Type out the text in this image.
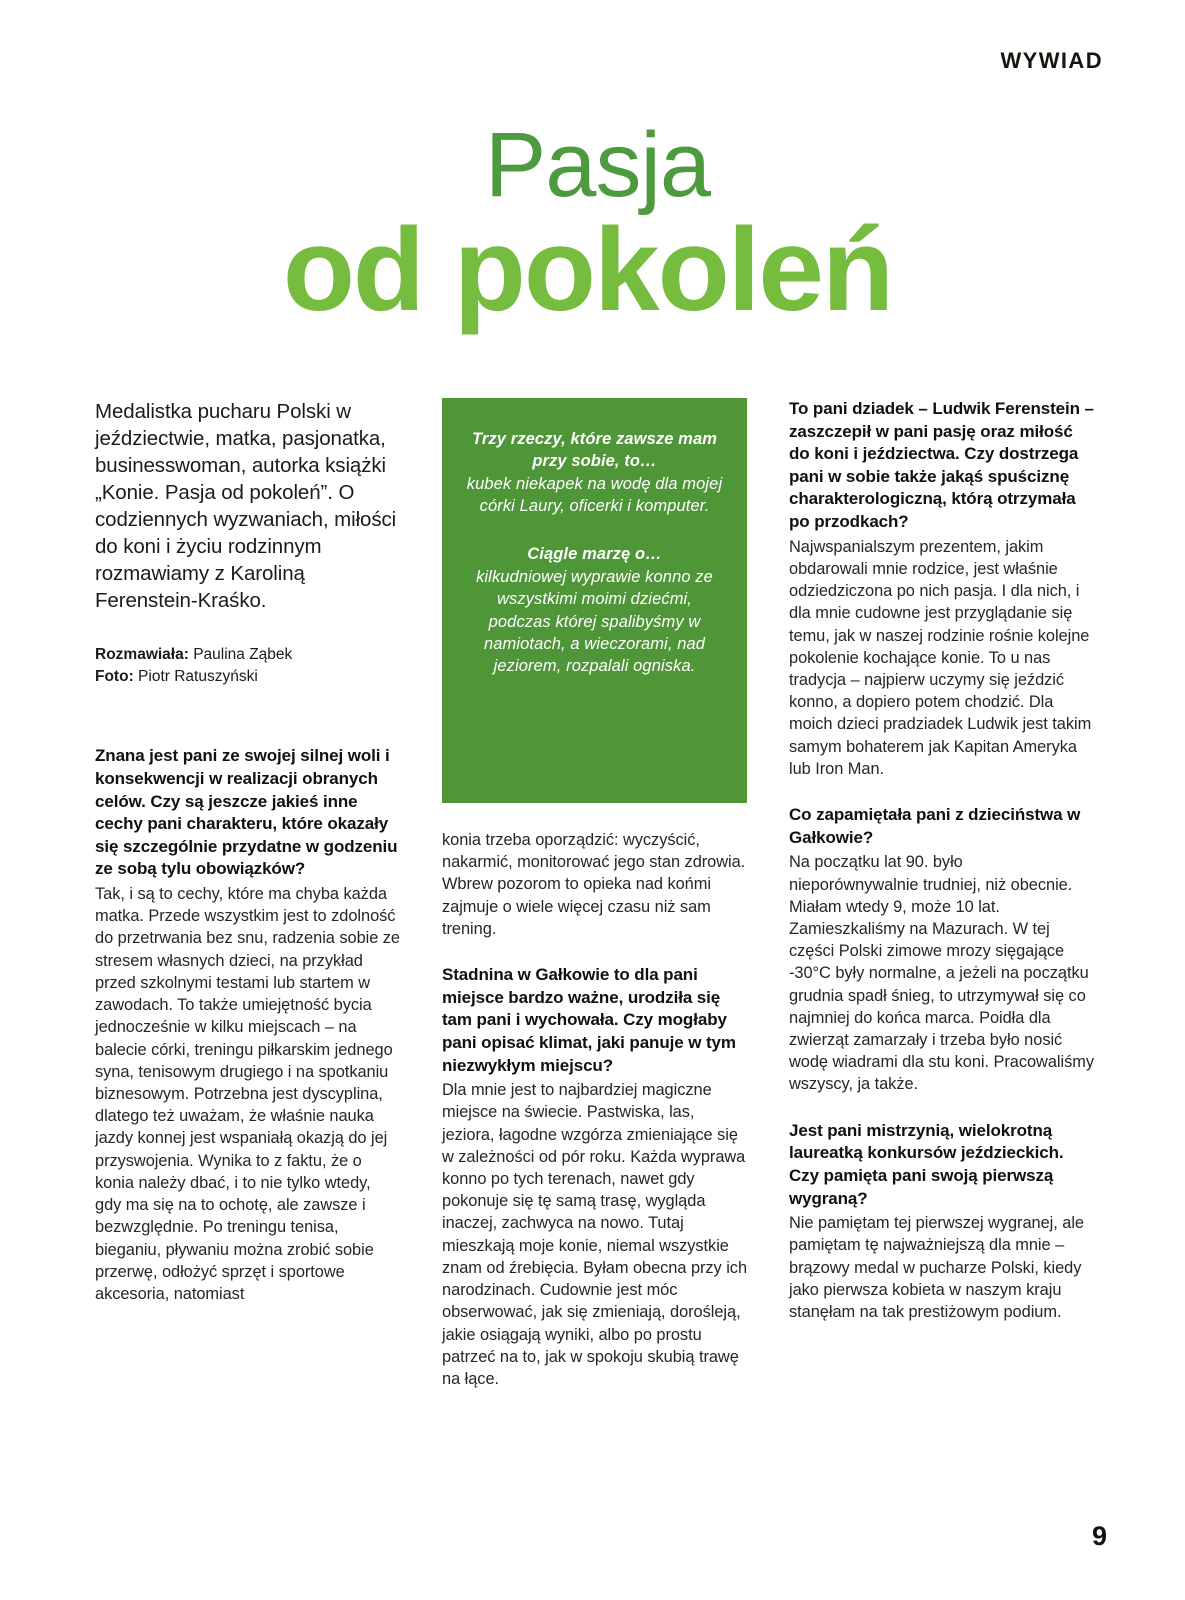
WYWIAD
Pasja
od pokoleń

Medalistka pucharu Polski w jeździectwie, matka, pasjonatka, businesswoman, autorka książki „Konie. Pasja od pokoleń”. O codziennych wyzwaniach, miłości do koni i życiu rodzinnym rozmawiamy z Karoliną Ferenstein-Kraśko.

Rozmawiała: Paulina Ząbek
Foto: Piotr Ratuszyński

Znana jest pani ze swojej silnej woli i konsekwencji w realizacji obranych celów. Czy są jeszcze jakieś inne cechy pani charakteru, które okazały się szczególnie przydatne w godzeniu ze sobą tylu obowiązków?

Tak, i są to cechy, które ma chyba każda matka. Przede wszystkim jest to zdolność do przetrwania bez snu, radzenia sobie ze stresem własnych dzieci, na przykład przed szkolnymi testami lub startem w zawodach. To także umiejętność bycia jednocześnie w kilku miejscach – na balecie córki, treningu piłkarskim jednego syna, tenisowym drugiego i na spotkaniu biznesowym. Potrzebna jest dyscyplina, dlatego też uważam, że właśnie nauka jazdy konnej jest wspaniałą okazją do jej przyswojenia. Wynika to z faktu, że o konia należy dbać, i to nie tylko wtedy, gdy ma się na to ochotę, ale zawsze i bezwzględnie. Po treningu tenisa, bieganiu, pływaniu można zrobić sobie przerwę, odłożyć sprzęt i sportowe akcesoria, natomiast

Trzy rzeczy, które zawsze mam przy sobie, to…

kubek niekapek na wodę dla mojej córki Laury, oficerki i komputer.

Ciągle marzę o…

kilkudniowej wyprawie konno ze wszystkimi moimi dziećmi, podczas której spalibyśmy w namiotach, a wieczorami, nad jeziorem, rozpalali ogniska.

konia trzeba oporządzić: wyczyścić, nakarmić, monitorować jego stan zdrowia. Wbrew pozorom to opieka nad końmi zajmuje o wiele więcej czasu niż sam trening.

Stadnina w Gałkowie to dla pani miejsce bardzo ważne, urodziła się tam pani i wychowała. Czy mogłaby pani opisać klimat, jaki panuje w tym niezwykłym miejscu?

Dla mnie jest to najbardziej magiczne miejsce na świecie. Pastwiska, las, jeziora, łagodne wzgórza zmieniające się w zależności od pór roku. Każda wyprawa konno po tych terenach, nawet gdy pokonuje się tę samą trasę, wygląda inaczej, zachwyca na nowo. Tutaj mieszkają moje konie, niemal wszystkie znam od źrebięcia. Byłam obecna przy ich narodzinach. Cudownie jest móc obserwować, jak się zmieniają, dorośleją, jakie osiągają wyniki, albo po prostu patrzeć na to, jak w spokoju skubią trawę na łące.

To pani dziadek – Ludwik Ferenstein – zaszczepił w pani pasję oraz miłość do koni i jeździectwa. Czy dostrzega pani w sobie także jakąś spuściznę charakterologiczną, którą otrzymała po przodkach?

Najwspanialszym prezentem, jakim obdarowali mnie rodzice, jest właśnie odziedziczona po nich pasja. I dla nich, i dla mnie cudowne jest przyglądanie się temu, jak w naszej rodzinie rośnie kolejne pokolenie kochające konie. To u nas tradycja – najpierw uczymy się jeździć konno, a dopiero potem chodzić. Dla moich dzieci pradziadek Ludwik jest takim samym bohaterem jak Kapitan Ameryka lub Iron Man.

Co zapamiętała pani z dzieciństwa w Gałkowie?

Na początku lat 90. było nieporównywalnie trudniej, niż obecnie. Miałam wtedy 9, może 10 lat. Zamieszkaliśmy na Mazurach. W tej części Polski zimowe mrozy sięgające -30°C były normalne, a jeżeli na początku grudnia spadł śnieg, to utrzymywał się co najmniej do końca marca. Poidła dla zwierząt zamarzały i trzeba było nosić wodę wiadrami dla stu koni. Pracowaliśmy wszyscy, ja także.

Jest pani mistrzynią, wielokrotną laureatką konkursów jeździeckich. Czy pamięta pani swoją pierwszą wygraną?

Nie pamiętam tej pierwszej wygranej, ale pamiętam tę najważniejszą dla mnie – brązowy medal w pucharze Polski, kiedy jako pierwsza kobieta w naszym kraju stanęłam na tak prestiżowym podium.

9
